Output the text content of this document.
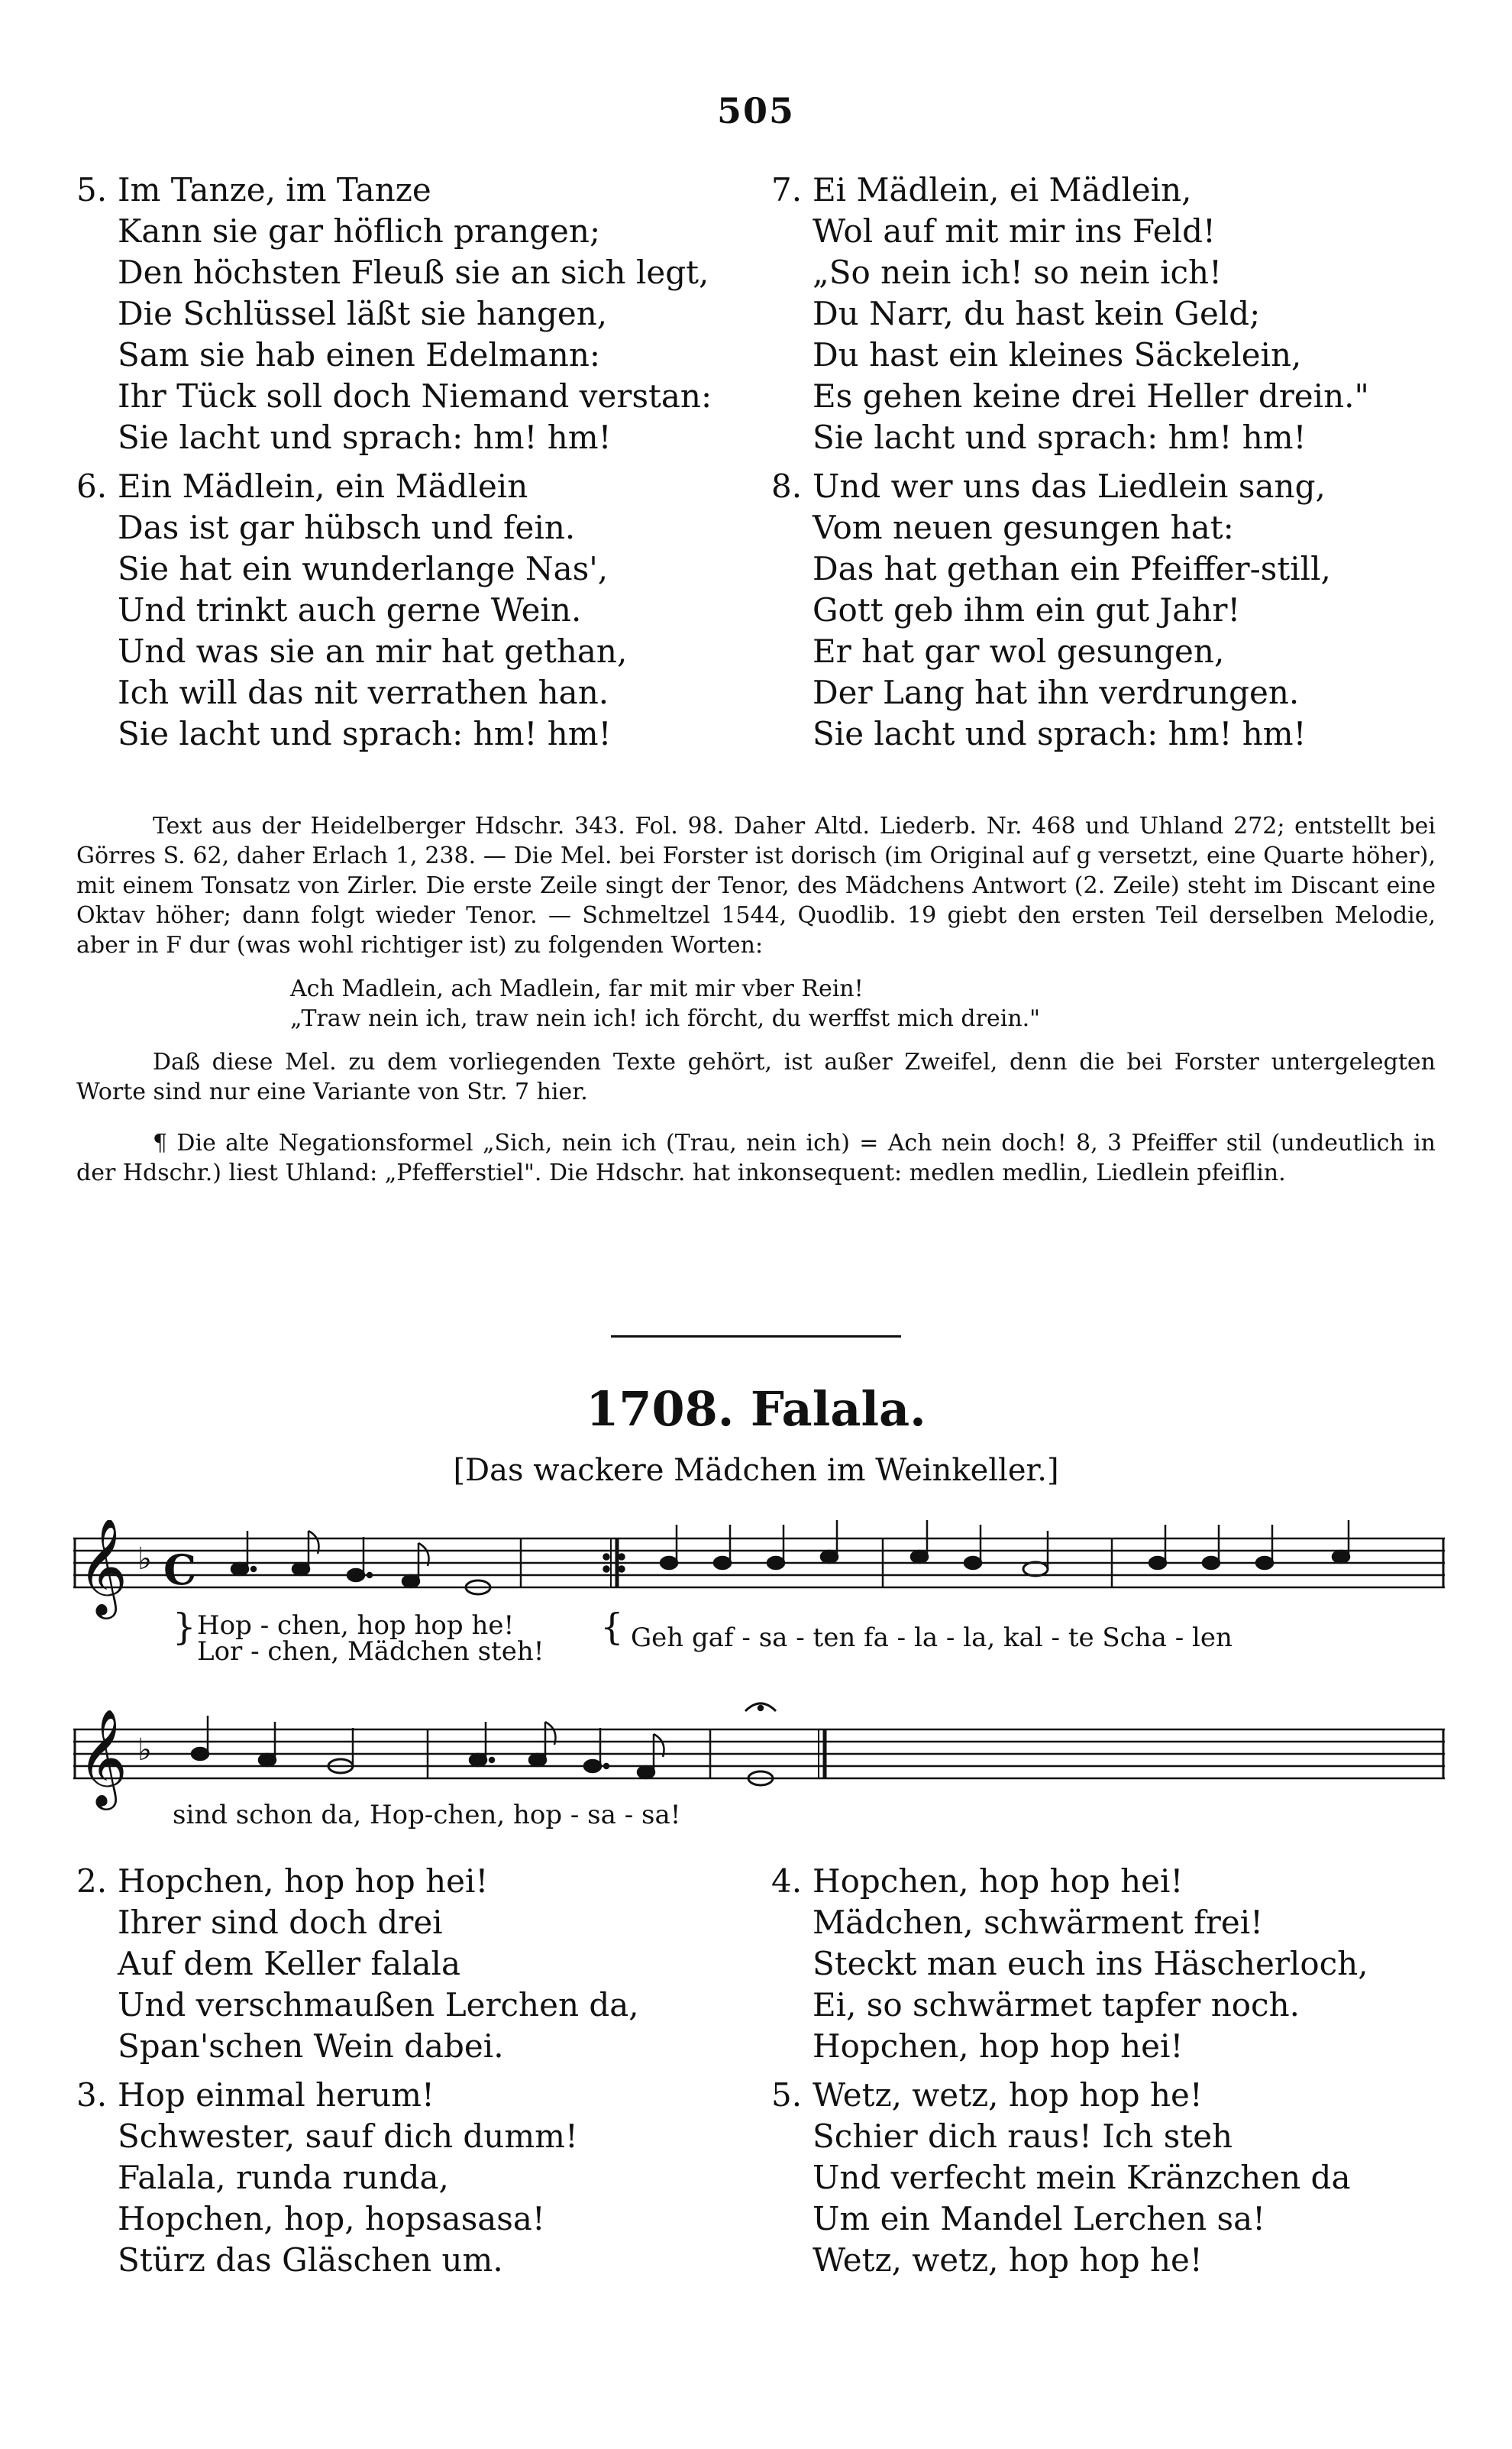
505
5. Im Tanze, im Tanze
Kann sie gar höflich prangen;
Den höchsten Fleuß sie an sich legt,
Die Schlüssel läßt sie hangen,
Sam sie hab einen Edelmann:
Ihr Tück soll doch Niemand verstan:
Sie lacht und sprach: hm! hm!
6. Ein Mädlein, ein Mädlein
Das ist gar hübsch und fein.
Sie hat ein wunderlange Nas',
Und trinkt auch gerne Wein.
Und was sie an mir hat gethan,
Ich will das nit verrathen han.
Sie lacht und sprach: hm! hm!
7. Ei Mädlein, ei Mädlein,
Wol auf mit mir ins Feld!
„So nein ich! so nein ich!
Du Narr, du hast kein Geld;
Du hast ein kleines Säckelein,
Es gehen keine drei Heller drein."
Sie lacht und sprach: hm! hm!
8. Und wer uns das Liedlein sang,
Vom neuen gesungen hat:
Das hat gethan ein Pfeiffer-still,
Gott geb ihm ein gut Jahr!
Er hat gar wol gesungen,
Der Lang hat ihn verdrungen.
Sie lacht und sprach: hm! hm!

Text aus der Heidelberger Hdschr. 343. Fol. 98. Daher Altd. Liederb. Nr. 468 und Uhland 272; entstellt bei Görres S. 62, daher Erlach 1, 238. — Die Mel. bei Forster ist dorisch (im Original auf g versetzt, eine Quarte höher), mit einem Tonsatz von Zirler. Die erste Zeile singt der Tenor, des Mädchens Antwort (2. Zeile) steht im Discant eine Oktav höher; dann folgt wieder Tenor. — Schmeltzel 1544, Quodlib. 19 giebt den ersten Teil derselben Melodie, aber in F dur (was wohl richtiger ist) zu folgenden Worten:

Ach Madlein, ach Madlein, far mit mir vber Rein!
„Traw nein ich, traw nein ich! ich förcht, du werffst mich drein."

Daß diese Mel. zu dem vorliegenden Texte gehört, ist außer Zweifel, denn die bei Forster untergelegten Worte sind nur eine Variante von Str. 7 hier.

¶ Die alte Negationsformel „Sich, nein ich (Trau, nein ich) = Ach nein doch! 8, 3 Pfeiffer stil (undeutlich in der Hdschr.) liest Uhland: „Pfefferstiel". Die Hdschr. hat inkonsequent: medlen medlin, Liedlein pfeiflin.

1708. Falala.
[Das wackere Mädchen im Weinkeller.]
𝄞 ♭ C
}	{
Hop - chen, hop hop he!
Lor - chen, Mädchen steh!	Geh gaf - sa - ten fa - la - la, kal - te Scha - len
𝄞 ♭
sind schon da, Hop-chen, hop - sa - sa!
2. Hopchen, hop hop hei!
Ihrer sind doch drei
Auf dem Keller falala
Und verschmaußen Lerchen da,
Span'schen Wein dabei.
3. Hop einmal herum!
Schwester, sauf dich dumm!
Falala, runda runda,
Hopchen, hop, hopsasasa!
Stürz das Gläschen um.
4. Hopchen, hop hop hei!
Mädchen, schwärment frei!
Steckt man euch ins Häscherloch,
Ei, so schwärmet tapfer noch.
Hopchen, hop hop hei!
5. Wetz, wetz, hop hop he!
Schier dich raus! Ich steh
Und verfecht mein Kränzchen da
Um ein Mandel Lerchen sa!
Wetz, wetz, hop hop he!
